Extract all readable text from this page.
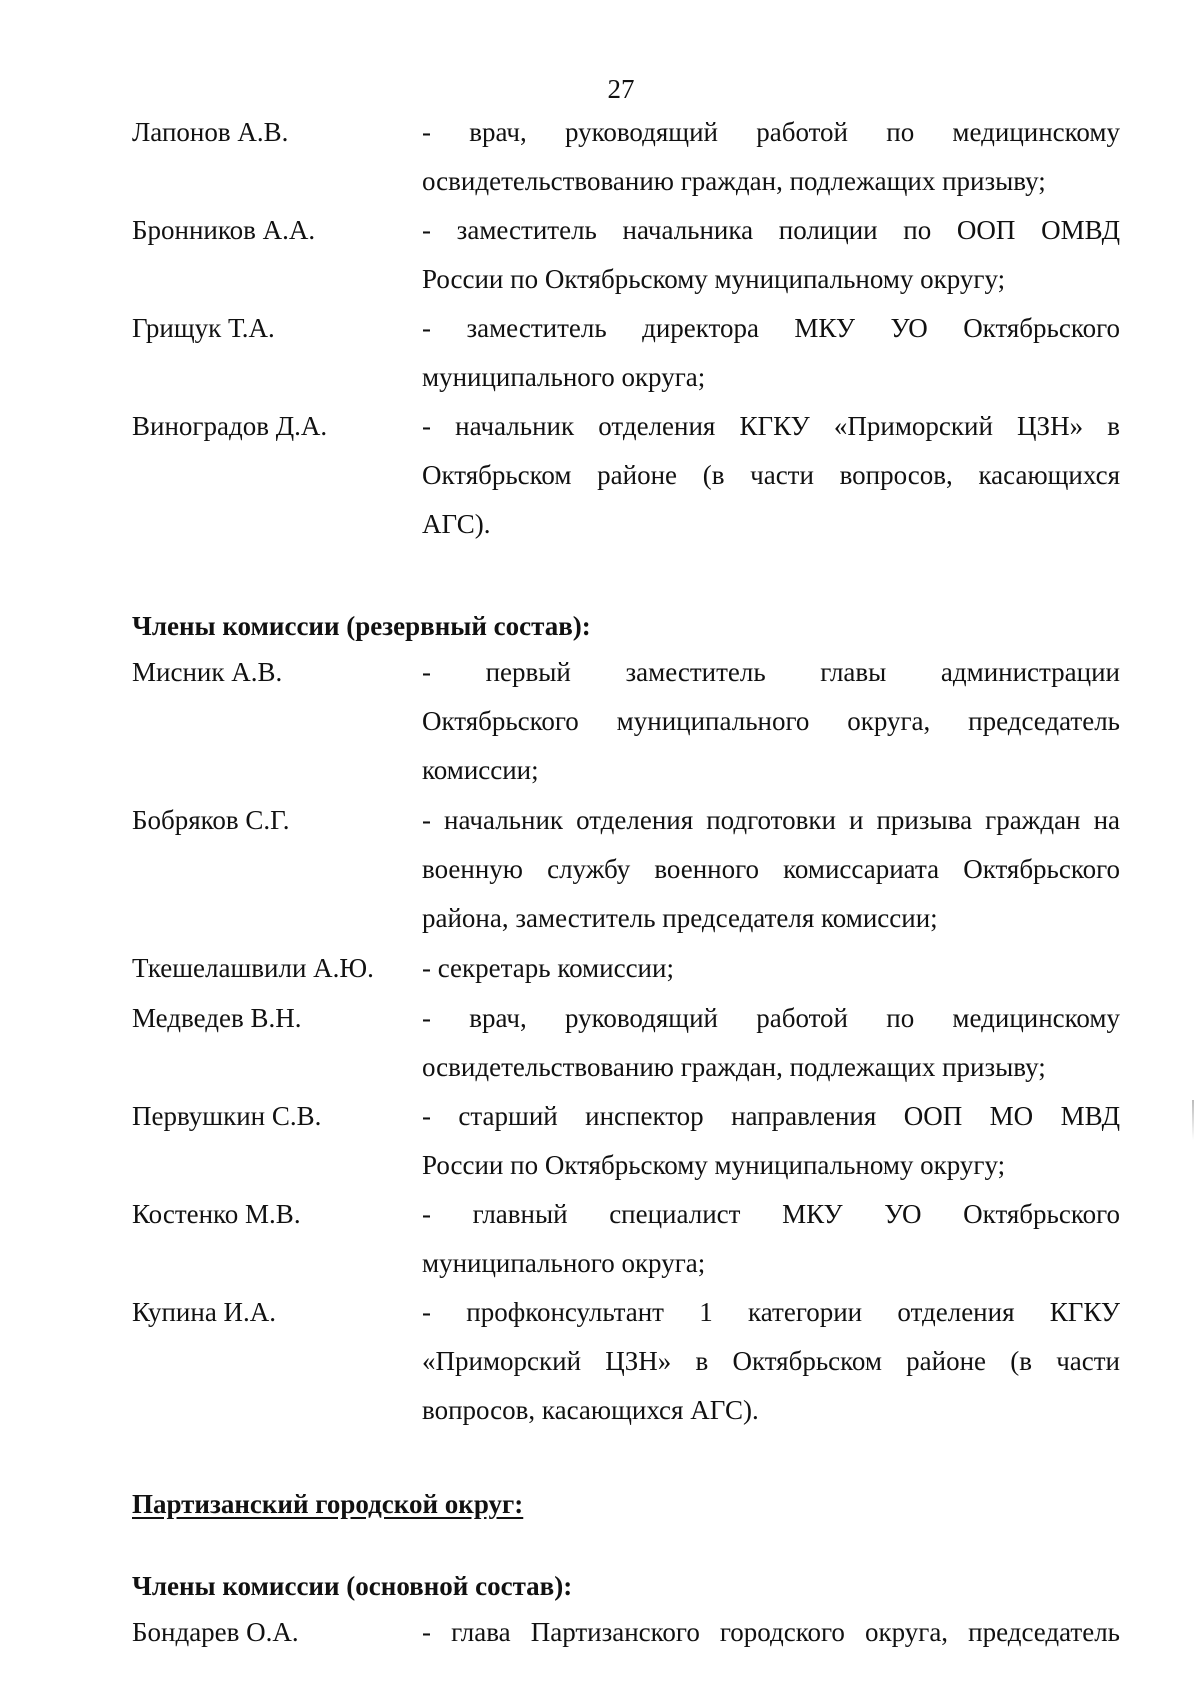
27
Лапонов А.В.	- врач, руководящий работой по медицинскому
освидетельствованию граждан, подлежащих призыву;
Бронников А.А.	- заместитель начальника полиции по ООП ОМВД
России по Октябрьскому муниципальному округу;
Грищук Т.А.	- заместитель директора МКУ УО Октябрьского
муниципального округа;
Виноградов Д.А.	- начальник отделения КГКУ «Приморский ЦЗН» в
Октябрьском районе (в части вопросов, касающихся
АГС).
Члены комиссии (резервный состав):
Мисник А.В.	- первый заместитель главы администрации
Октябрьского муниципального округа, председатель
комиссии;
Бобряков С.Г.	- начальник отделения подготовки и призыва граждан на
военную службу военного комиссариата Октябрьского
района, заместитель председателя комиссии;
Ткешелашвили А.Ю.	- секретарь комиссии;
Медведев В.Н.	- врач, руководящий работой по медицинскому
освидетельствованию граждан, подлежащих призыву;
Первушкин С.В.	- старший инспектор направления ООП МО МВД
России по Октябрьскому муниципальному округу;
Костенко М.В.	- главный специалист МКУ УО Октябрьского
муниципального округа;
Купина И.А.	- профконсультант 1 категории отделения КГКУ
«Приморский ЦЗН» в Октябрьском районе (в части
вопросов, касающихся АГС).
Партизанский городской округ:
Члены комиссии (основной состав):
Бондарев О.А.	- глава Партизанского городского округа, председатель
